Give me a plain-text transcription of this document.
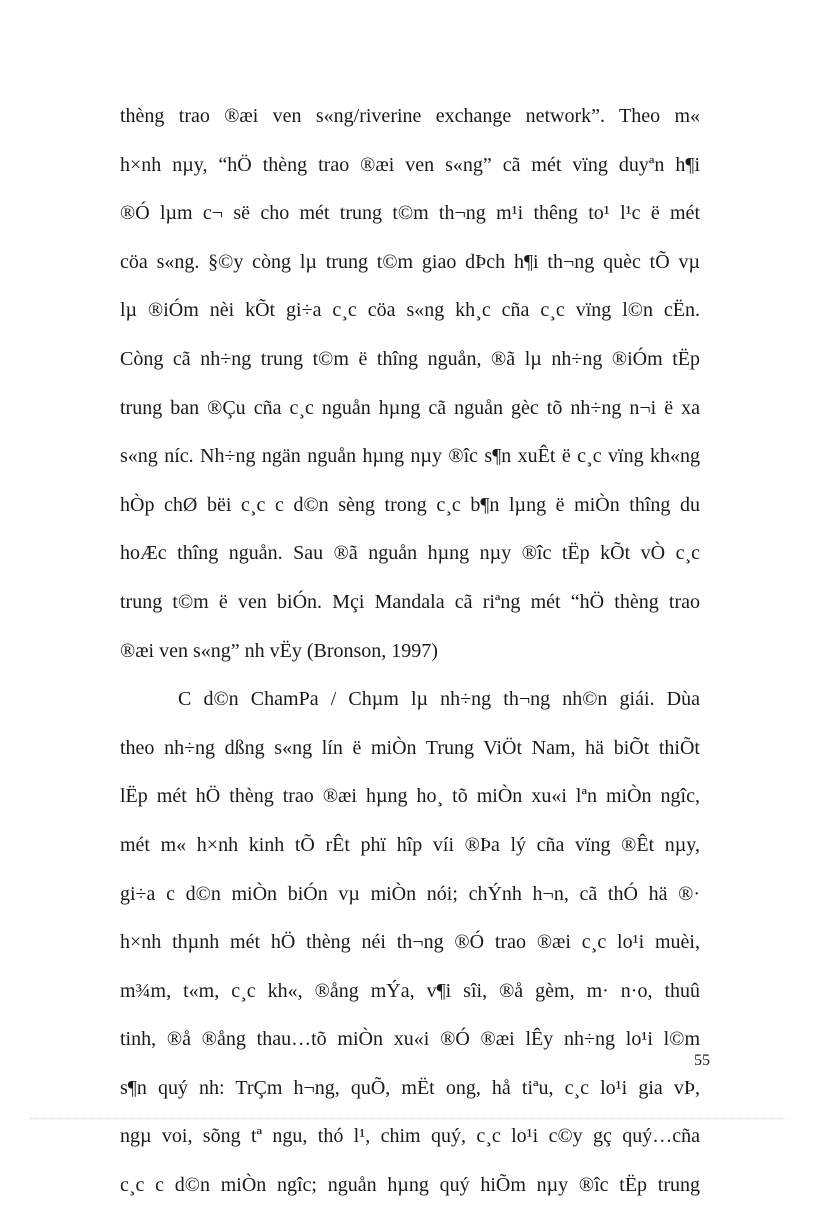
thèng trao ®æi ven s«ng/riverine exchange network”. Theo m«
h×nh nµy, “hÖ thèng trao ®æi ven s«ng” cã mét vïng duyªn h¶i
®Ó lµm c¬ së cho mét trung t©m th¬ng m¹i thêng to¹ l¹c ë mét
cöa s«ng. §©y còng lµ trung t©m giao dÞch h¶i th¬ng quèc tÕ vµ
lµ ®iÓm nèi kÕt gi÷a c¸c cöa s«ng kh¸c cña c¸c vïng l©n cËn.
Còng cã nh÷ng trung t©m ë thîng nguån, ®ã lµ nh÷ng ®iÓm tËp
trung ban ®Çu cña c¸c nguån hµng cã nguån gèc tõ nh÷ng n¬i ë xa
s«ng níc. Nh÷ng ngän nguån hµng nµy ®îc s¶n xuÊt ë c¸c vïng kh«ng
hÒp chØ bëi c¸c c d©n sèng trong c¸c b¶n lµng ë miÒn thîng du
hoÆc thîng nguån. Sau ®ã nguån hµng nµy ®îc tËp kÕt vÒ c¸c
trung t©m ë ven biÓn. Mçi Mandala cã riªng mét “hÖ thèng trao
®æi ven s«ng” nh vËy (Bronson, 1997)
C d©n ChamPa / Chµm lµ nh÷ng th¬ng nh©n giái. Dùa
theo nh÷ng dßng s«ng lín ë miÒn Trung ViÖt Nam, hä biÕt thiÕt
lËp mét hÖ thèng trao ®æi hµng ho¸ tõ miÒn xu«i lªn miÒn ngîc,
mét m« h×nh kinh tÕ rÊt phï hîp víi ®Þa lý cña vïng ®Êt nµy,
gi÷a c d©n miÒn biÓn vµ miÒn nói; chÝnh h¬n, cã thÓ hä ®·
h×nh thµnh mét hÖ thèng néi th¬ng ®Ó trao ®æi c¸c lo¹i muèi,
m¾m, t«m, c¸c kh«, ®ång mÝa, v¶i sîi, ®å gèm, m· n·o, thuû
tinh, ®å ®ång thau…tõ miÒn xu«i ®Ó ®æi lÊy nh÷ng lo¹i l©m
s¶n quý nh: TrÇm h¬ng, quÕ, mËt ong, hå tiªu, c¸c lo¹i gia vÞ,
ngµ voi, sõng tª ngu, thó l¹, chim quý, c¸c lo¹i c©y gç quý…cña
c¸c c d©n miÒn ngîc; nguån hµng quý hiÕm nµy ®îc tËp trung
55
